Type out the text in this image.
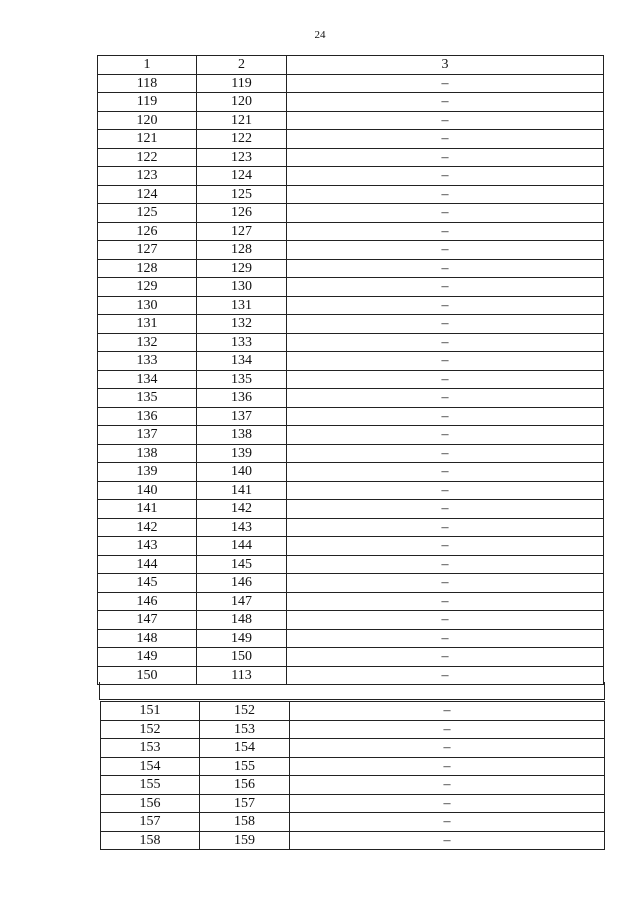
24
1	2	3
118	119	–
119	120	–
120	121	–
121	122	–
122	123	–
123	124	–
124	125	–
125	126	–
126	127	–
127	128	–
128	129	–
129	130	–
130	131	–
131	132	–
132	133	–
133	134	–
134	135	–
135	136	–
136	137	–
137	138	–
138	139	–
139	140	–
140	141	–
141	142	–
142	143	–
143	144	–
144	145	–
145	146	–
146	147	–
147	148	–
148	149	–
149	150	–
150	113	–
151	152	–
152	153	–
153	154	–
154	155	–
155	156	–
156	157	–
157	158	–
158	159	–
